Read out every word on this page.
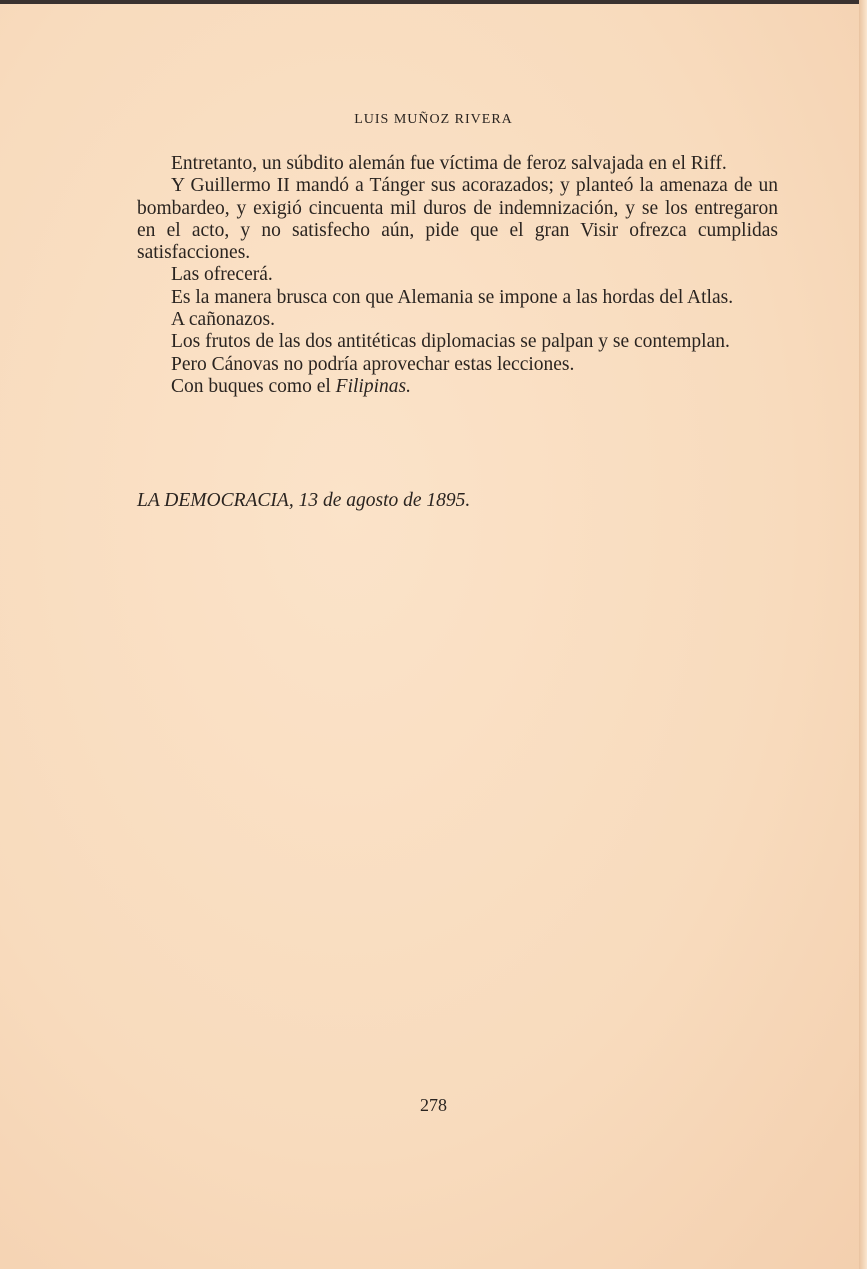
LUIS MUÑOZ RIVERA

Entretanto, un súbdito alemán fue víctima de feroz salvajada en el Riff.

Y Guillermo II mandó a Tánger sus acorazados; y planteó la amenaza de un bombardeo, y exigió cincuenta mil duros de indemnización, y se los entregaron en el acto, y no satisfecho aún, pide que el gran Visir ofrezca cumplidas satisfacciones.

Las ofrecerá.

Es la manera brusca con que Alemania se impone a las hordas del Atlas.

A cañonazos.

Los frutos de las dos antitéticas diplomacias se palpan y se contemplan.

Pero Cánovas no podría aprovechar estas lecciones.

Con buques como el Filipinas.

LA DEMOCRACIA, 13 de agosto de 1895.
278
